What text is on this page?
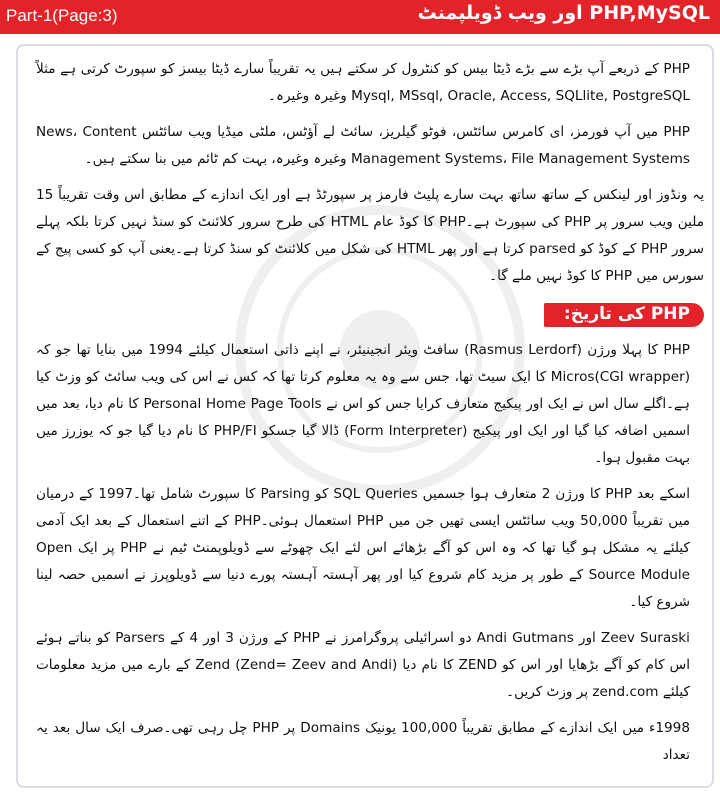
Part-1(Page:3)	PHP,MySQL اور ویب ڈویلپمنٹ

PHP کے ذریعے آپ بڑے سے بڑے ڈیٹا بیس کو کنٹرول کر سکتے ہیں یہ تقریباً سارے ڈیٹا بیسز کو سپورٹ کرتی ہے مثلاً Mysql, MSsql, Oracle, Access, SQLlite, PostgreSQL وغیرہ وغیرہ۔

PHP میں آپ فورمز، ای کامرس سائٹس، فوٹو گیلریز، سائٹ لے آؤٹس، ملٹی میڈیا ویب سائٹس News، Content Management Systems، File Management Systems وغیرہ وغیرہ، بہت کم ٹائم میں بنا سکتے ہیں۔

یہ ونڈوز اور لینکس کے ساتھ ساتھ بہت سارے پلیٹ فارمز پر سپورٹڈ ہے اور ایک اندازے کے مطابق اس وقت تقریباً 15 ملین ویب سرور پر PHP کی سپورٹ ہے۔PHP کا کوڈ عام HTML کی طرح سرور کلائنٹ کو سنڈ نہیں کرتا بلکہ پہلے سرور PHP کے کوڈ کو parsed کرتا ہے اور پھر HTML کی شکل میں کلائنٹ کو سنڈ کرتا ہے۔یعنی آپ کو کسی پیج کے سورس میں PHP کا کوڈ نہیں ملے گا۔

PHP کی تاریخ:

PHP کا پہلا ورژن (Rasmus Lerdorf) سافٹ ویئر انجینیئر، نے اپنے ذاتی استعمال کیلئے 1994 میں بنایا تھا جو کہ (Micros(CGI wrapper کا ایک سیٹ تھا، جس سے وہ یہ معلوم کرتا تھا کہ کس نے اس کی ویب سائٹ کو وزٹ کیا ہے۔اگلے سال اس نے ایک اور پیکیج متعارف کرایا جس کو اس نے Personal Home Page Tools کا نام دیا، بعد میں اسمیں اضافہ کیا گیا اور ایک اور پیکیج (Form Interpreter) ڈالا گیا جسکو PHP/FI کا نام دیا گیا جو کہ یوزرز میں بہت مقبول ہوا۔

اسکے بعد PHP کا ورژن 2 متعارف ہوا جسمیں SQL Queries کو Parsing کا سپورٹ شامل تھا۔1997 کے درمیان میں تقریباً 50,000 ویب سائٹس ایسی تھیں جن میں PHP استعمال ہوئی۔PHP کے اتنے استعمال کے بعد ایک آدمی کیلئے یہ مشکل ہو گیا تھا کہ وہ اس کو آگے بڑھائے اس لئے ایک چھوٹے سے ڈویلوپمنٹ ٹیم نے PHP پر ایک Open Source Module کے طور پر مزید کام شروع کیا اور پھر آہستہ آہستہ پورے دنیا سے ڈویلوپرز نے اسمیں حصہ لینا شروع کیا۔

Zeev Suraski اور Andi Gutmans دو اسرائیلی پروگرامرز نے PHP کے ورژن 3 اور 4 کے Parsers کو بناتے ہوئے اس کام کو آگے بڑھایا اور اس کو ZEND کا نام دیا (Zend= Zeev and Andi) Zend کے بارے میں مزید معلومات کیلئے zend.com پر وزٹ کریں۔

1998ء میں ایک اندازے کے مطابق تقریباً 100,000 یونیک Domains پر PHP چل رہی تھی۔صرف ایک سال بعد یہ تعداد
